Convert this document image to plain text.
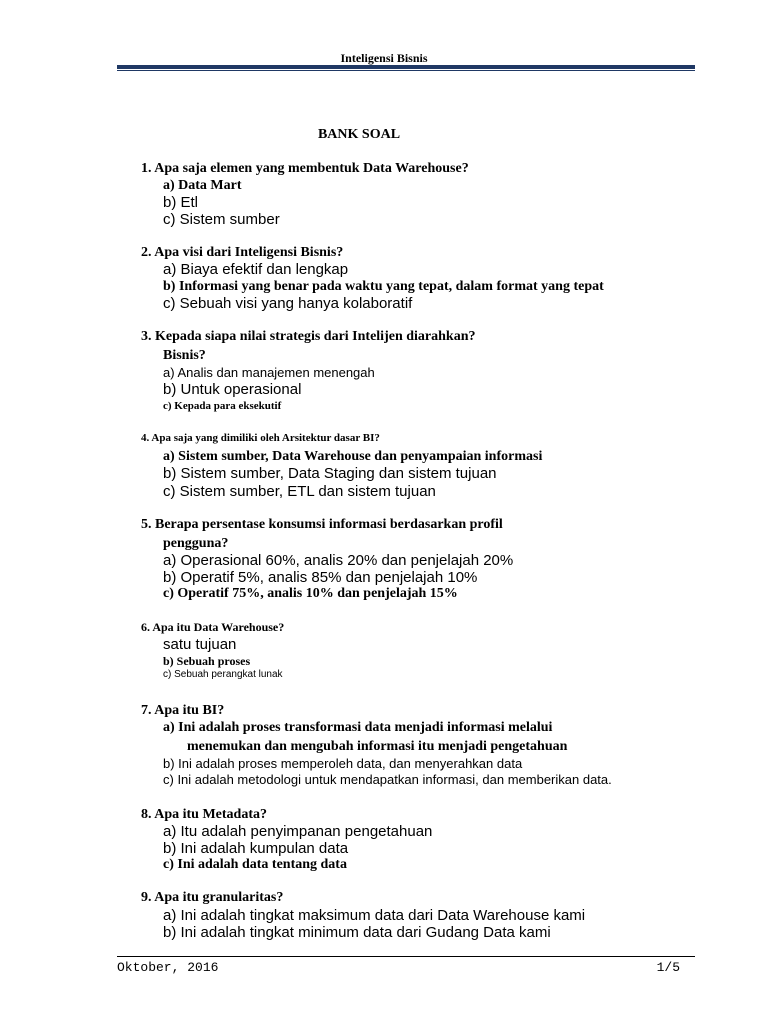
Inteligensi Bisnis
BANK SOAL
1. Apa saja elemen yang membentuk Data Warehouse?
a) Data Mart
b) Etl
c) Sistem sumber
2. Apa visi dari Inteligensi Bisnis?
a) Biaya efektif dan lengkap
b) Informasi yang benar pada waktu yang tepat, dalam format yang tepat
c) Sebuah visi yang hanya kolaboratif
3. Kepada siapa nilai strategis dari Intelijen diarahkan?
Bisnis?
a) Analis dan manajemen menengah
b) Untuk operasional
c) Kepada para eksekutif
4. Apa saja yang dimiliki oleh Arsitektur dasar BI?
a) Sistem sumber, Data Warehouse dan penyampaian informasi
b) Sistem sumber, Data Staging dan sistem tujuan
c) Sistem sumber, ETL dan sistem tujuan
5. Berapa persentase konsumsi informasi berdasarkan profil
pengguna?
a) Operasional 60%, analis 20% dan penjelajah 20%
b) Operatif 5%, analis 85% dan penjelajah 10%
c) Operatif 75%, analis 10% dan penjelajah 15%
6. Apa itu Data Warehouse?
satu tujuan
b) Sebuah proses
c) Sebuah perangkat lunak
7. Apa itu BI?
a) Ini adalah proses transformasi data menjadi informasi melalui
menemukan dan mengubah informasi itu menjadi pengetahuan
b) Ini adalah proses memperoleh data, dan menyerahkan data
c) Ini adalah metodologi untuk mendapatkan informasi, dan memberikan data.
8. Apa itu Metadata?
a) Itu adalah penyimpanan pengetahuan
b) Ini adalah kumpulan data
c) Ini adalah data tentang data
9. Apa itu granularitas?
a) Ini adalah tingkat maksimum data dari Data Warehouse kami
b) Ini adalah tingkat minimum data dari Gudang Data kami
Oktober, 2016	1/5
